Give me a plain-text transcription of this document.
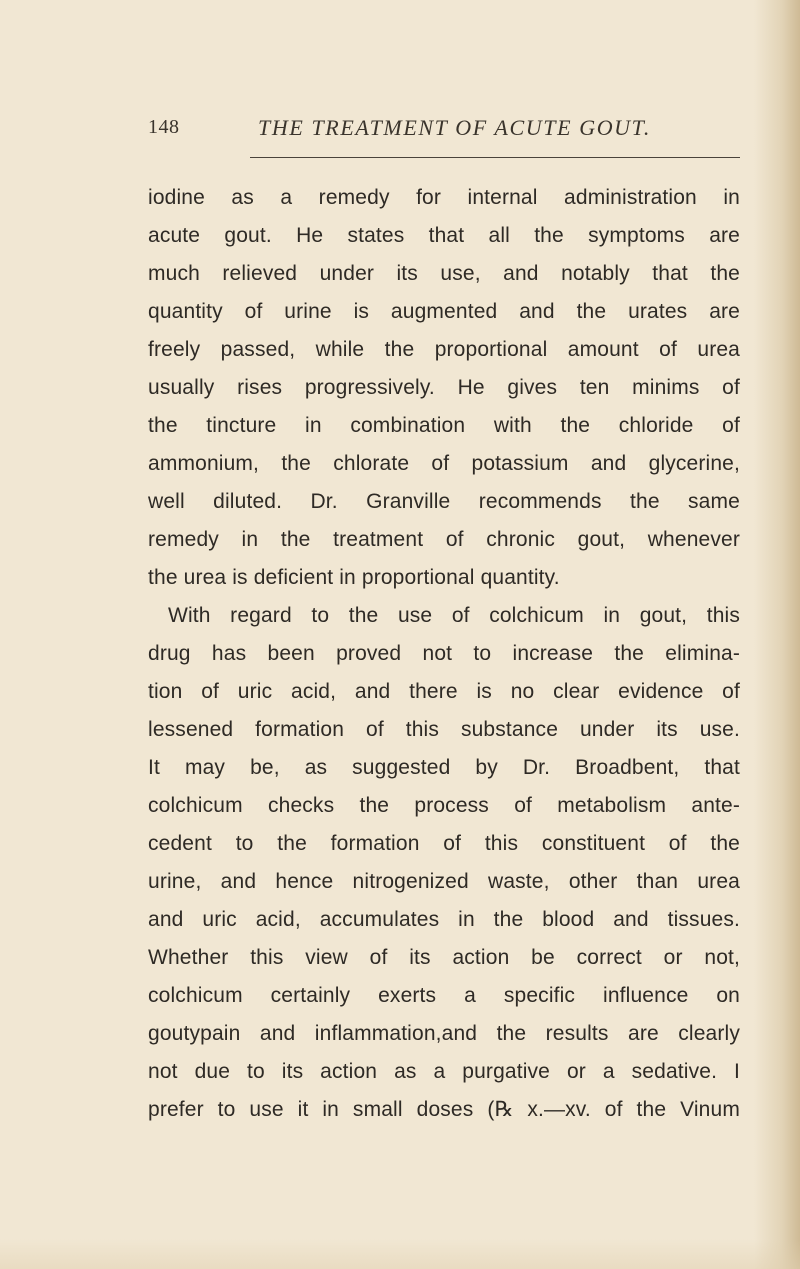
148	THE TREATMENT OF ACUTE GOUT.
iodine as a remedy for internal administration in
acute gout. He states that all the symptoms are
much relieved under its use, and notably that the
quantity of urine is augmented and the urates are
freely passed, while the proportional amount of urea
usually rises progressively. He gives ten minims of
the tincture in combination with the chloride of
ammonium, the chlorate of potassium and glycerine,
well diluted. Dr. Granville recommends the same
remedy in the treatment of chronic gout, whenever
the urea is deficient in proportional quantity.
With regard to the use of colchicum in gout, this
drug has been proved not to increase the elimina-
tion of uric acid, and there is no clear evidence of
lessened formation of this substance under its use.
It may be, as suggested by Dr. Broadbent, that
colchicum checks the process of metabolism ante-
cedent to the formation of this constituent of the
urine, and hence nitrogenized waste, other than urea
and uric acid, accumulates in the blood and tissues.
Whether this view of its action be correct or not,
colchicum certainly exerts a specific influence on
goutypain and inflammation,and the results are clearly
not due to its action as a purgative or a sedative. I
prefer to use it in small doses (℞ x.—xv. of the Vinum
